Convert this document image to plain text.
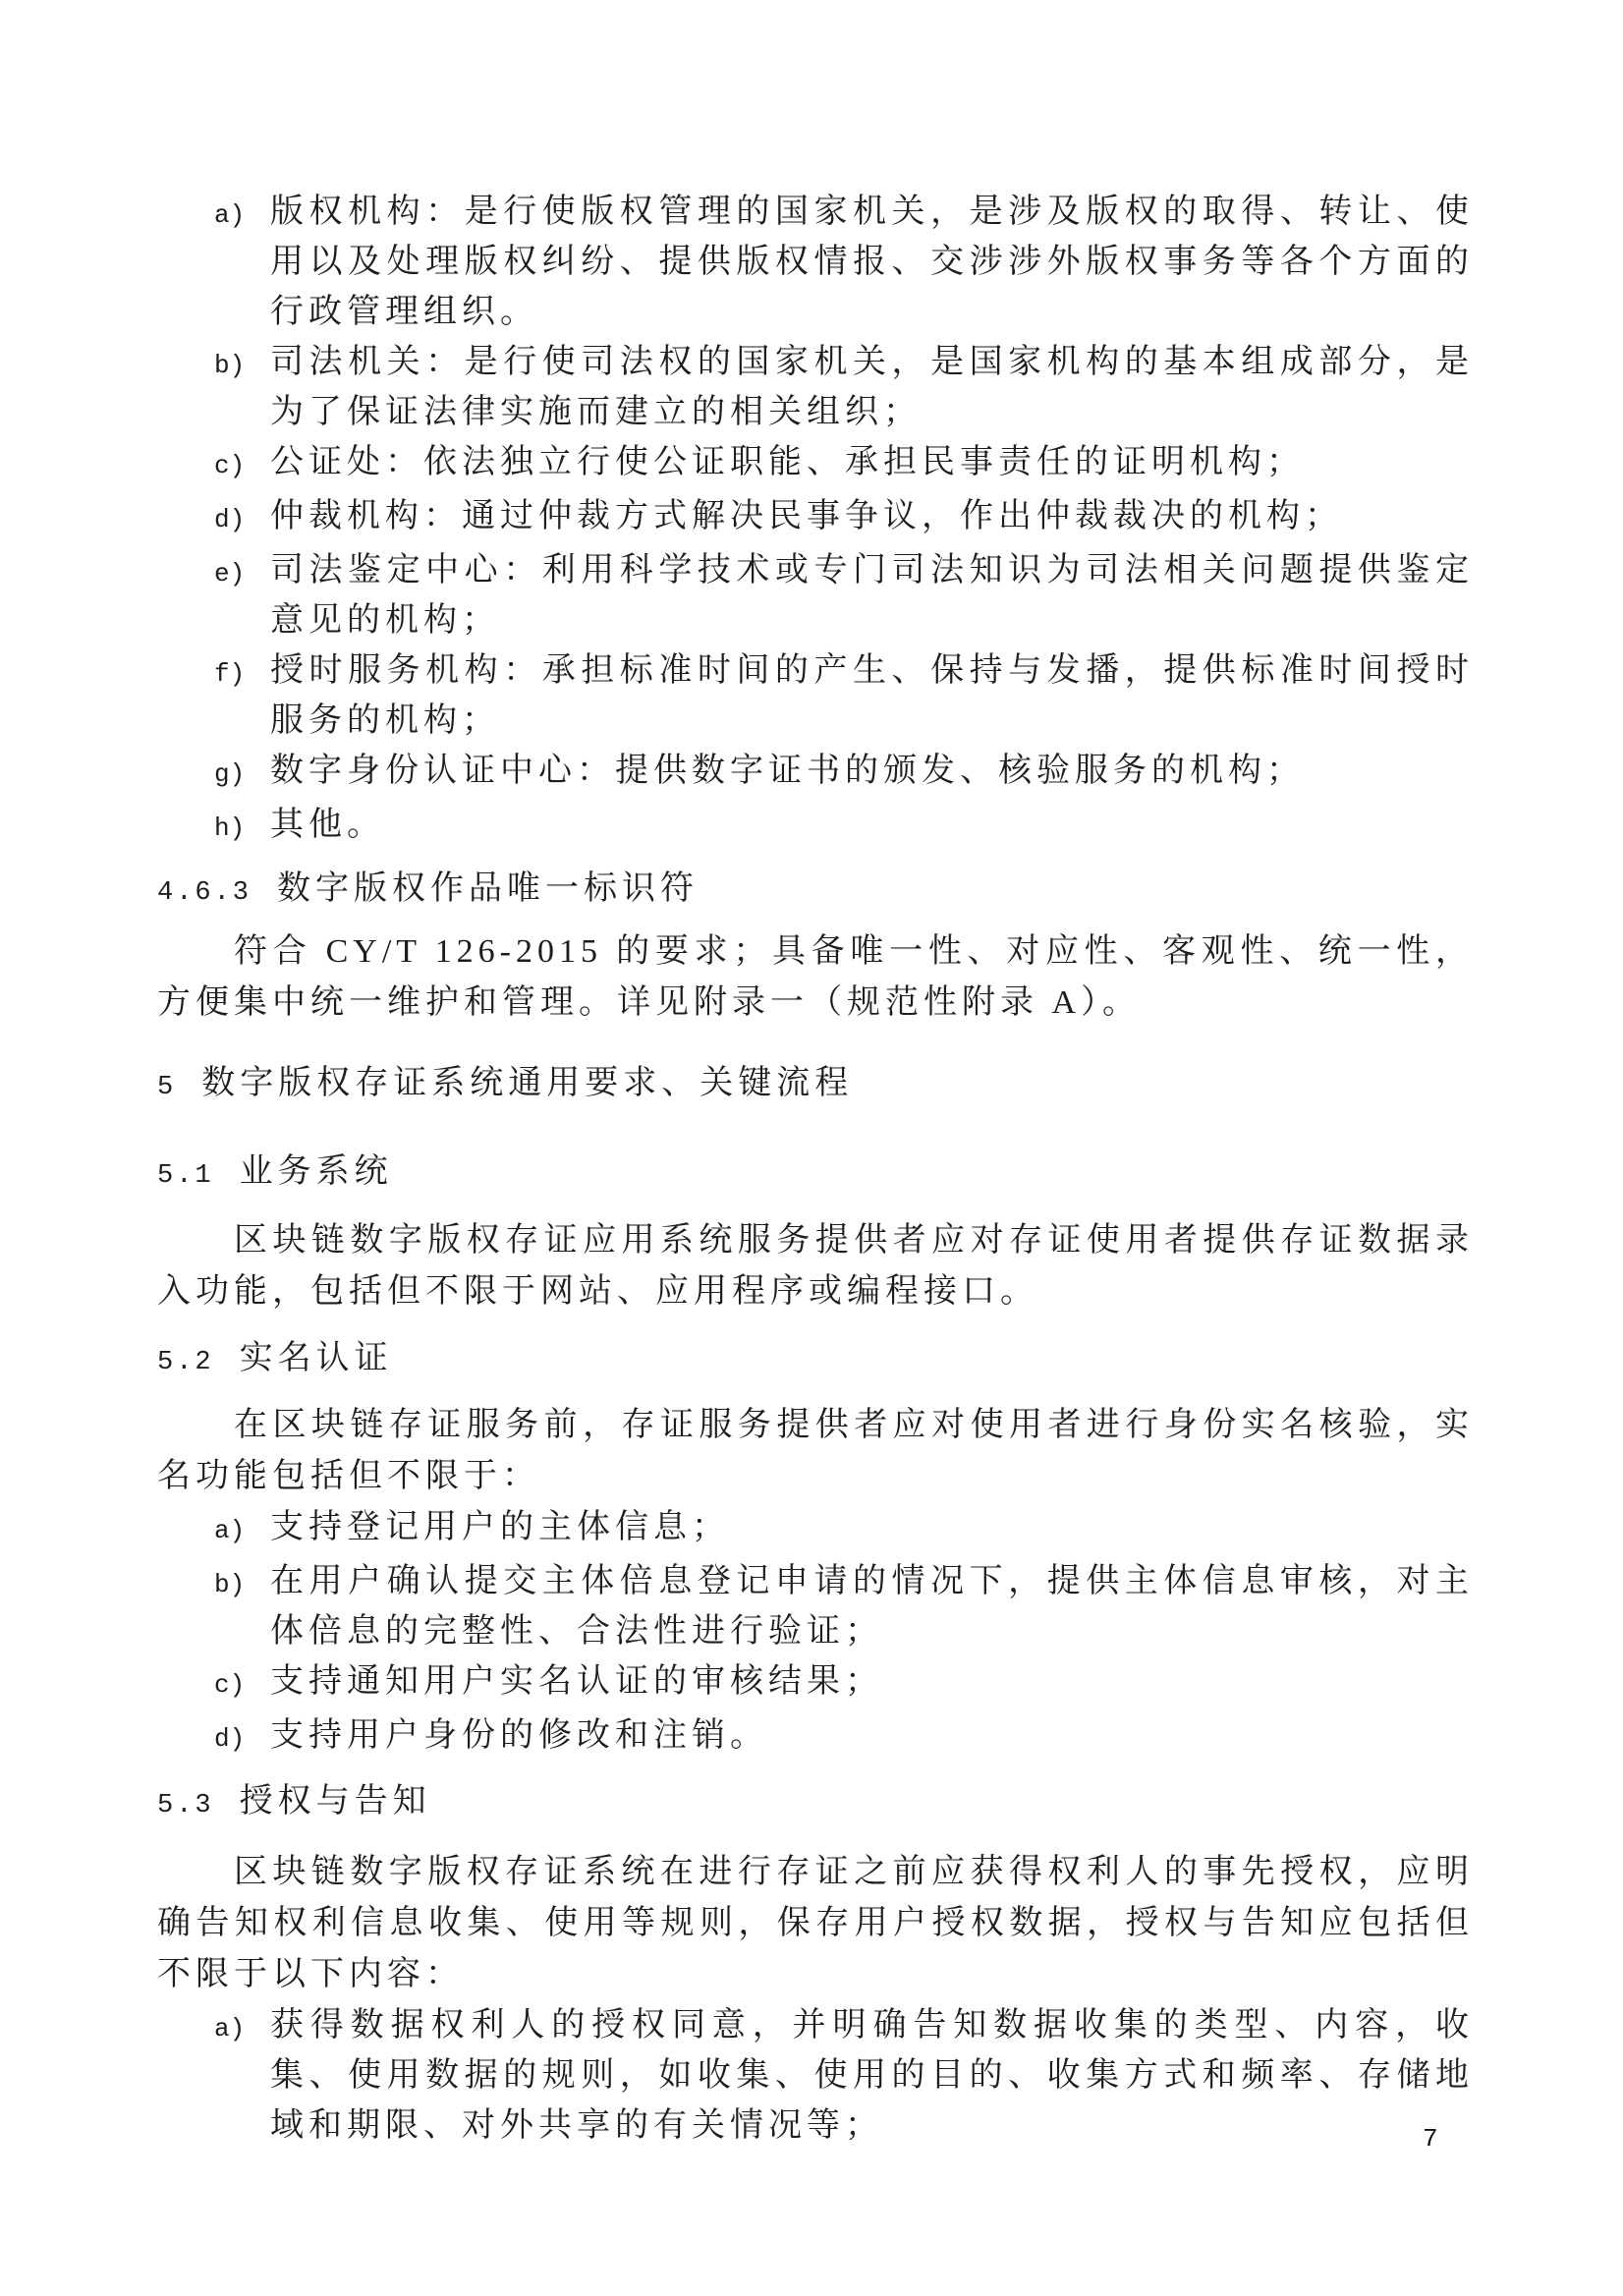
a) 版权机构：是行使版权管理的国家机关，是涉及版权的取得、转让、使用以及处理版权纠纷、提供版权情报、交涉涉外版权事务等各个方面的行政管理组织。
b) 司法机关：是行使司法权的国家机关，是国家机构的基本组成部分，是为了保证法律实施而建立的相关组织；
c) 公证处：依法独立行使公证职能、承担民事责任的证明机构；
d) 仲裁机构：通过仲裁方式解决民事争议，作出仲裁裁决的机构；
e) 司法鉴定中心：利用科学技术或专门司法知识为司法相关问题提供鉴定意见的机构；
f) 授时服务机构：承担标准时间的产生、保持与发播，提供标准时间授时服务的机构；
g) 数字身份认证中心：提供数字证书的颁发、核验服务的机构；
h) 其他。
4.6.3 数字版权作品唯一标识符

符合 CY/T 126-2015 的要求；具备唯一性、对应性、客观性、统一性，方便集中统一维护和管理。详见附录一（规范性附录 A）。

5 数字版权存证系统通用要求、关键流程
5.1 业务系统

区块链数字版权存证应用系统服务提供者应对存证使用者提供存证数据录入功能，包括但不限于网站、应用程序或编程接口。

5.2 实名认证

在区块链存证服务前，存证服务提供者应对使用者进行身份实名核验，实名功能包括但不限于：

a) 支持登记用户的主体信息；
b) 在用户确认提交主体倍息登记申请的情况下，提供主体信息审核，对主体倍息的完整性、合法性进行验证；
c) 支持通知用户实名认证的审核结果；
d) 支持用户身份的修改和注销。
5.3 授权与告知

区块链数字版权存证系统在进行存证之前应获得权利人的事先授权，应明确告知权利信息收集、使用等规则，保存用户授权数据，授权与告知应包括但不限于以下内容：

a) 获得数据权利人的授权同意，并明确告知数据收集的类型、内容，收集、使用数据的规则，如收集、使用的目的、收集方式和频率、存储地域和期限、对外共享的有关情况等；	7
